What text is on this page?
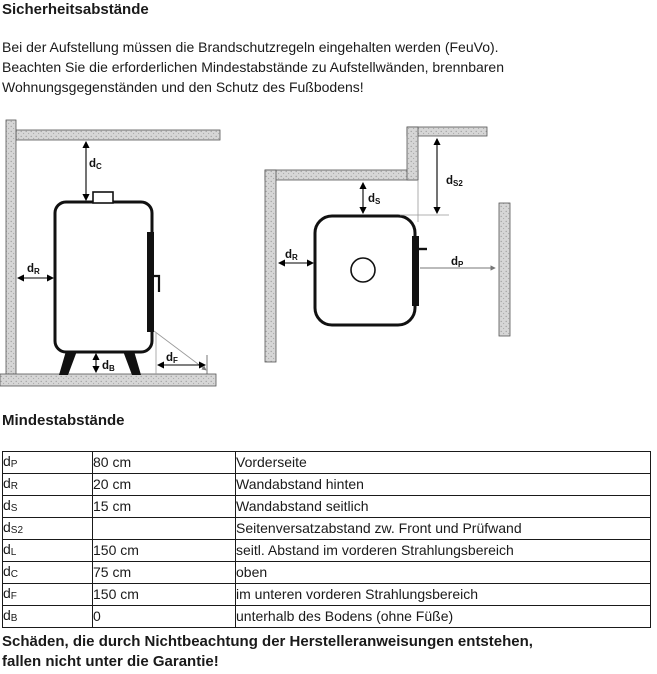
Sicherheitsabstände
Bei der Aufstellung müssen die Brandschutzregeln eingehalten werden (FeuVo).
Beachten Sie die erforderlichen Mindestabstände zu Aufstellwänden, brennbaren
Wohnungsgegenständen und den Schutz des Fußbodens!
dC
dR
dB
dF
dS
dS2
dR	dP
Mindestabstände
$d_P$	80 cm	Vorderseite
$d_R$	20 cm	Wandabstand hinten
$d_S$	15 cm	Wandabstand seitlich
$d_{S2}$		Seitenversatzabstand zw. Front und Prüfwand
$d_L$	150 cm	seitl. Abstand im vorderen Strahlungsbereich
$d_C$	75 cm	oben
$d_F$	150 cm	im unteren vorderen Strahlungsbereich
$d_B$	0	unterhalb des Bodens (ohne Füße)
Schäden, die durch Nichtbeachtung der Herstelleranweisungen entstehen,
fallen nicht unter die Garantie!
